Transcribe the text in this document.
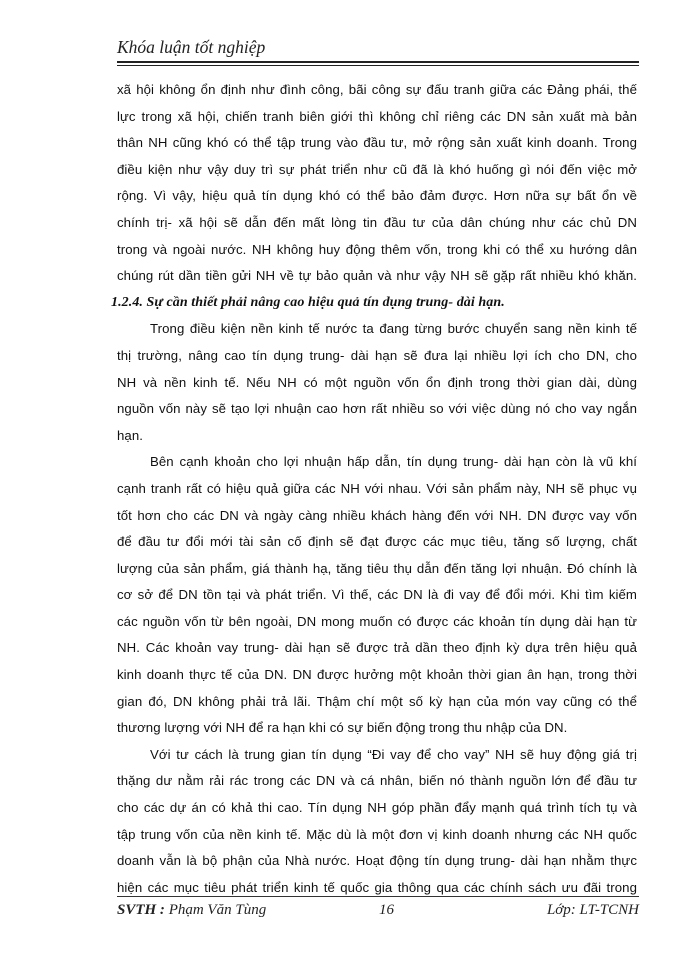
Khóa luận tốt nghiệp
xã hội không ổn định như đình công, bãi công sự đấu tranh giữa các Đảng phái, thế
lực trong xã hội, chiến tranh biên giới thì không chỉ riêng các DN sản xuất mà bản
thân NH cũng khó có thể tập trung vào đầu tư, mở rộng sản xuất kinh doanh. Trong
điều kiện như vậy duy trì sự phát triển như cũ đã là khó huống gì nói đến việc mở
rộng. Vì vậy, hiệu quả tín dụng khó có thể bảo đảm được. Hơn nữa sự bất ổn về
chính trị- xã hội sẽ dẫn đến mất lòng tin đầu tư của dân chúng như các chủ DN
trong và ngoài nước. NH không huy động thêm vốn, trong khi có thể xu hướng dân
chúng rút dần tiền gửi NH về tự bảo quản và như vậy NH sẽ gặp rất nhiều khó khăn.
1.2.4. Sự cần thiết phải nâng cao hiệu quả tín dụng trung- dài hạn.
Trong điều kiện nền kinh tế nước ta đang từng bước chuyển sang nền kinh tế
thị trường, nâng cao tín dụng trung- dài hạn sẽ đưa lại nhiều lợi ích cho DN, cho
NH và nền kinh tế. Nếu NH có một nguồn vốn ổn định trong thời gian dài, dùng
nguồn vốn này sẽ tạo lợi nhuận cao hơn rất nhiều so với việc dùng nó cho vay ngắn
hạn.
Bên cạnh khoản cho lợi nhuận hấp dẫn, tín dụng trung- dài hạn còn là vũ khí
cạnh tranh rất có hiệu quả giữa các NH với nhau. Với sản phẩm này, NH sẽ phục vụ
tốt hơn cho các DN và ngày càng nhiều khách hàng đến với NH. DN được vay vốn
để đầu tư đổi mới tài sản cố định sẽ đạt được các mục tiêu, tăng số lượng, chất
lượng của sản phẩm, giá thành hạ, tăng tiêu thụ dẫn đến tăng lợi nhuận. Đó chính là
cơ sở để DN tồn tại và phát triển. Vì thế, các DN là đi vay để đổi mới. Khi tìm kiếm
các nguồn vốn từ bên ngoài, DN mong muốn có được các khoản tín dụng dài hạn từ
NH. Các khoản vay trung- dài hạn sẽ được trả dần theo định kỳ dựa trên hiệu quả
kinh doanh thực tế của DN. DN được hưởng một khoản thời gian ân hạn, trong thời
gian đó, DN không phải trả lãi. Thậm chí một số kỳ hạn của món vay cũng có thể
thương lượng với NH để ra hạn khi có sự biến động trong thu nhập của DN.
Với tư cách là trung gian tín dụng “Đi vay để cho vay” NH sẽ huy động giá trị
thặng dư nằm rải rác trong các DN và cá nhân, biến nó thành nguồn lớn để đầu tư
cho các dự án có khả thi cao. Tín dụng NH góp phần đẩy mạnh quá trình tích tụ và
tập trung vốn của nền kinh tế. Mặc dù là một đơn vị kinh doanh nhưng các NH quốc
doanh vẫn là bộ phận của Nhà nước. Hoạt động tín dụng trung- dài hạn nhằm thực
hiện các mục tiêu phát triển kinh tế quốc gia thông qua các chính sách ưu đãi trong
SVTH : Phạm Văn Tùng	16	Lớp: LT-TCNH
